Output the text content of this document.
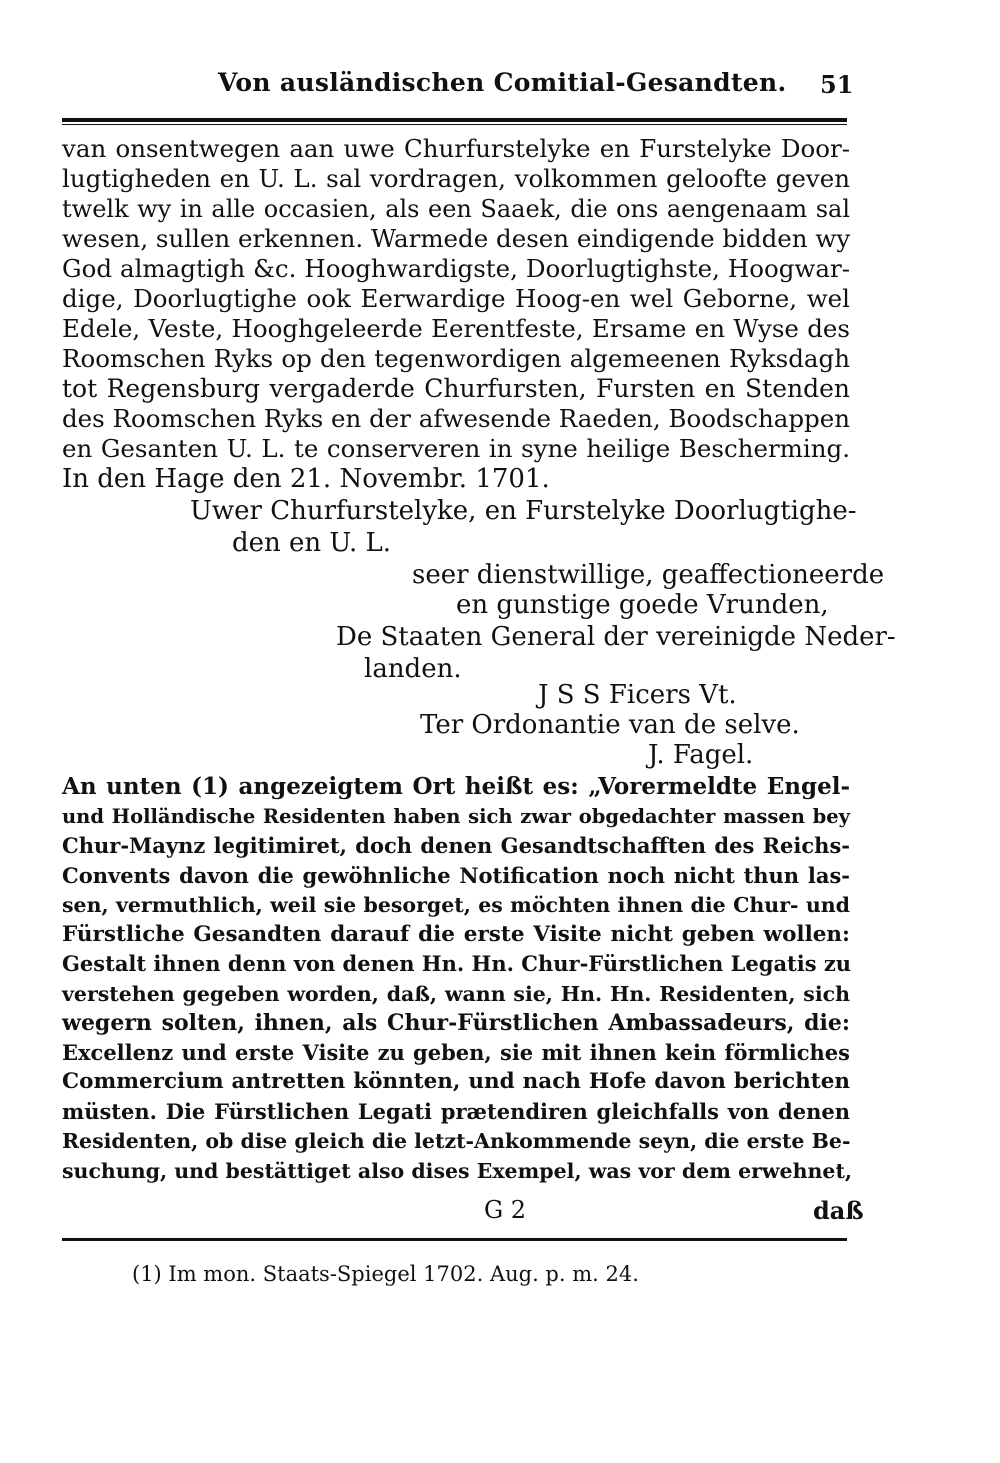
Von ausländischen Comitial-Gesandten. 51
van onsentwegen aan uwe Churfurstelyke en Furstelyke Door-
lugtigheden en U. L. sal vordragen, volkommen geloofte geven
twelk wy in alle occasien, als een Saaek, die ons aengenaam sal
wesen, sullen erkennen. Warmede desen eindigende bidden wy
God almagtigh &c. Hooghwardigste, Doorlugtighste, Hoogwar-
dige, Doorlugtighe ook Eerwardige Hoog-en wel Geborne, wel
Edele, Veste, Hooghgeleerde Eerentfeste, Ersame en Wyse des
Roomschen Ryks op den tegenwordigen algemeenen Ryksdagh
tot Regensburg vergaderde Churfursten, Fursten en Stenden
des Roomschen Ryks en der afwesende Raeden, Boodschappen
en Gesanten U. L. te conserveren in syne heilige Bescherming.
In den Hage den 21. Novembr. 1701.
Uwer Churfurstelyke, en Furstelyke Doorlugtighe-
den en U. L.
seer dienstwillige, geaffectioneerde
en gunstige goede Vrunden,
De Staaten General der vereinigde Neder-
landen.
J S S Ficers Vt.
Ter Ordonantie van de selve.
J. Fagel.
An unten (1) angezeigtem Ort heißt es: „Vorermeldte Engel-
und Holländische Residenten haben sich zwar obgedachter massen bey
Chur-Maynz legitimiret, doch denen Gesandtschafften des Reichs-
Convents davon die gewöhnliche Notification noch nicht thun las-
sen, vermuthlich, weil sie besorget, es möchten ihnen die Chur- und
Fürstliche Gesandten darauf die erste Visite nicht geben wollen:
Gestalt ihnen denn von denen Hn. Hn. Chur-Fürstlichen Legatis zu
verstehen gegeben worden, daß, wann sie, Hn. Hn. Residenten, sich
wegern solten, ihnen, als Chur-Fürstlichen Ambassadeurs, die:
Excellenz und erste Visite zu geben, sie mit ihnen kein förmliches
Commercium antretten könnten, und nach Hofe davon berichten
müsten. Die Fürstlichen Legati prætendiren gleichfalls von denen
Residenten, ob dise gleich die letzt-Ankommende seyn, die erste Be-
suchung, und bestättiget also dises Exempel, was vor dem erwehnet,
G 2	daß
(1) Im mon. Staats-Spiegel 1702. Aug. p. m. 24.
